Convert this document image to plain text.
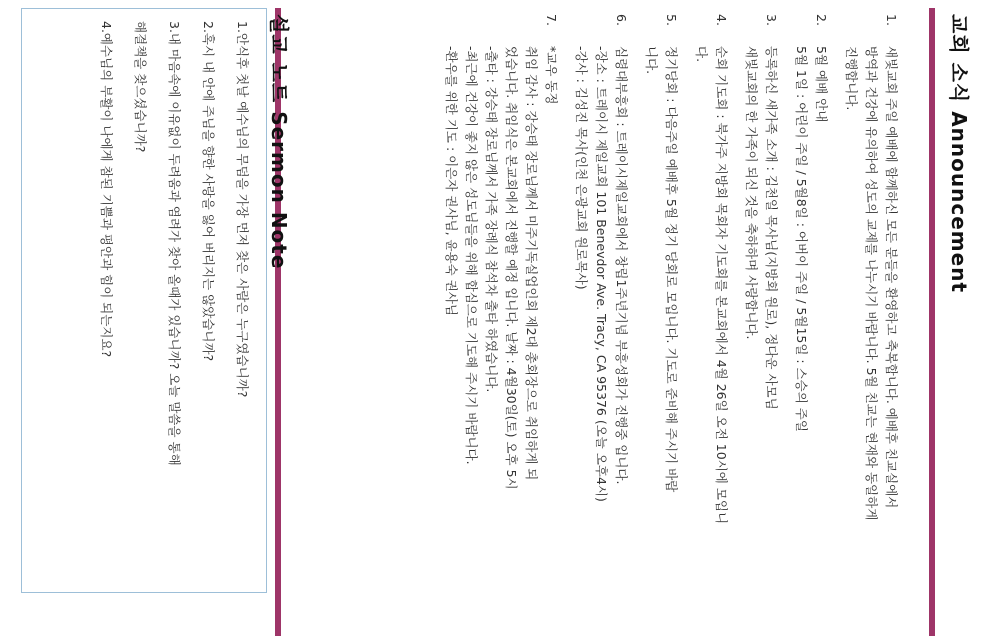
교회 소식 Announcement
1.
새빛교회 주일 예배에 함께하신 모든 분들을 환영하고 축복합니다. 예배후 친교실에서
방역과 건강에 유의하여 성도의 교제를 나누시기 바랍니다. 5월 친교는 현재와 동일하게
진행합니다.
2.
5월 예배 안내
5월 1일 : 어린이 주일 / 5월8일 : 어버이 주일 / 5월15일 : 스승의 주일
3.
등록하신 새가족 소개 : 김천일 목사님(지방회 원로), 정다운 사모님
새빛교회의 한 가족이 되신 것을 축하하며 사랑합니다.
4.
순회 기도회 : 북가주 지방회 목회자 기도회를 본교회에서 4월 26일 오전 10시에 모입니
다.
5.
정기당회 : 다음주일 예배후 5월 정기 당회로 모입니다. 기도로 준비해 주시기 바랍
니다.
6.
심령대부흥회 : 트레이시제일교회에서 창립1주년기념 부흥성회가 진행중 입니다.
-장소 : 트레이시 제일교회 101 Benevdor Ave. Tracy, CA 95376 (오늘 오후4시)
-강사 : 김성진 목사(인천 은광교회 원로목사)
7.
*교우 동정
취임 감사 : 강승태 장로님께서 미주기독실업인회 제2대 총회장으로 취임하게 되
었습니다. 취임식은 본교회에서 진행할 예정 입니다. 날짜 : 4월30일(토) 오후 5시
-출타 : 강승태 장로님께서 가족 장례식 참석차 출타 하였습니다.
-최근에 건강이 좋지 않은 성도님들을 위해 합심으로 기도해 주시기 바랍니다.
-환우를 위한 기도 : 이은자 권사님, 윤용숙 권사님
설교 노트 Sermon Note
1.안식후 첫날 예수님의 무덤을 가장 먼저 찾은 사람은 누구였습니까?
2.혹시 내 안에 주님을 향한 사랑을 잃어 버리지는 않았습니까?
3.내 마음속에 이유없이 두려움과 염려가 찾아 올때가 있습니까? 오늘 말씀을 통해
해결책을 찾으셨습니까?
4.예수님의 부활이 나에게 참된 기쁨과 평안과 힘이 되는지요?
